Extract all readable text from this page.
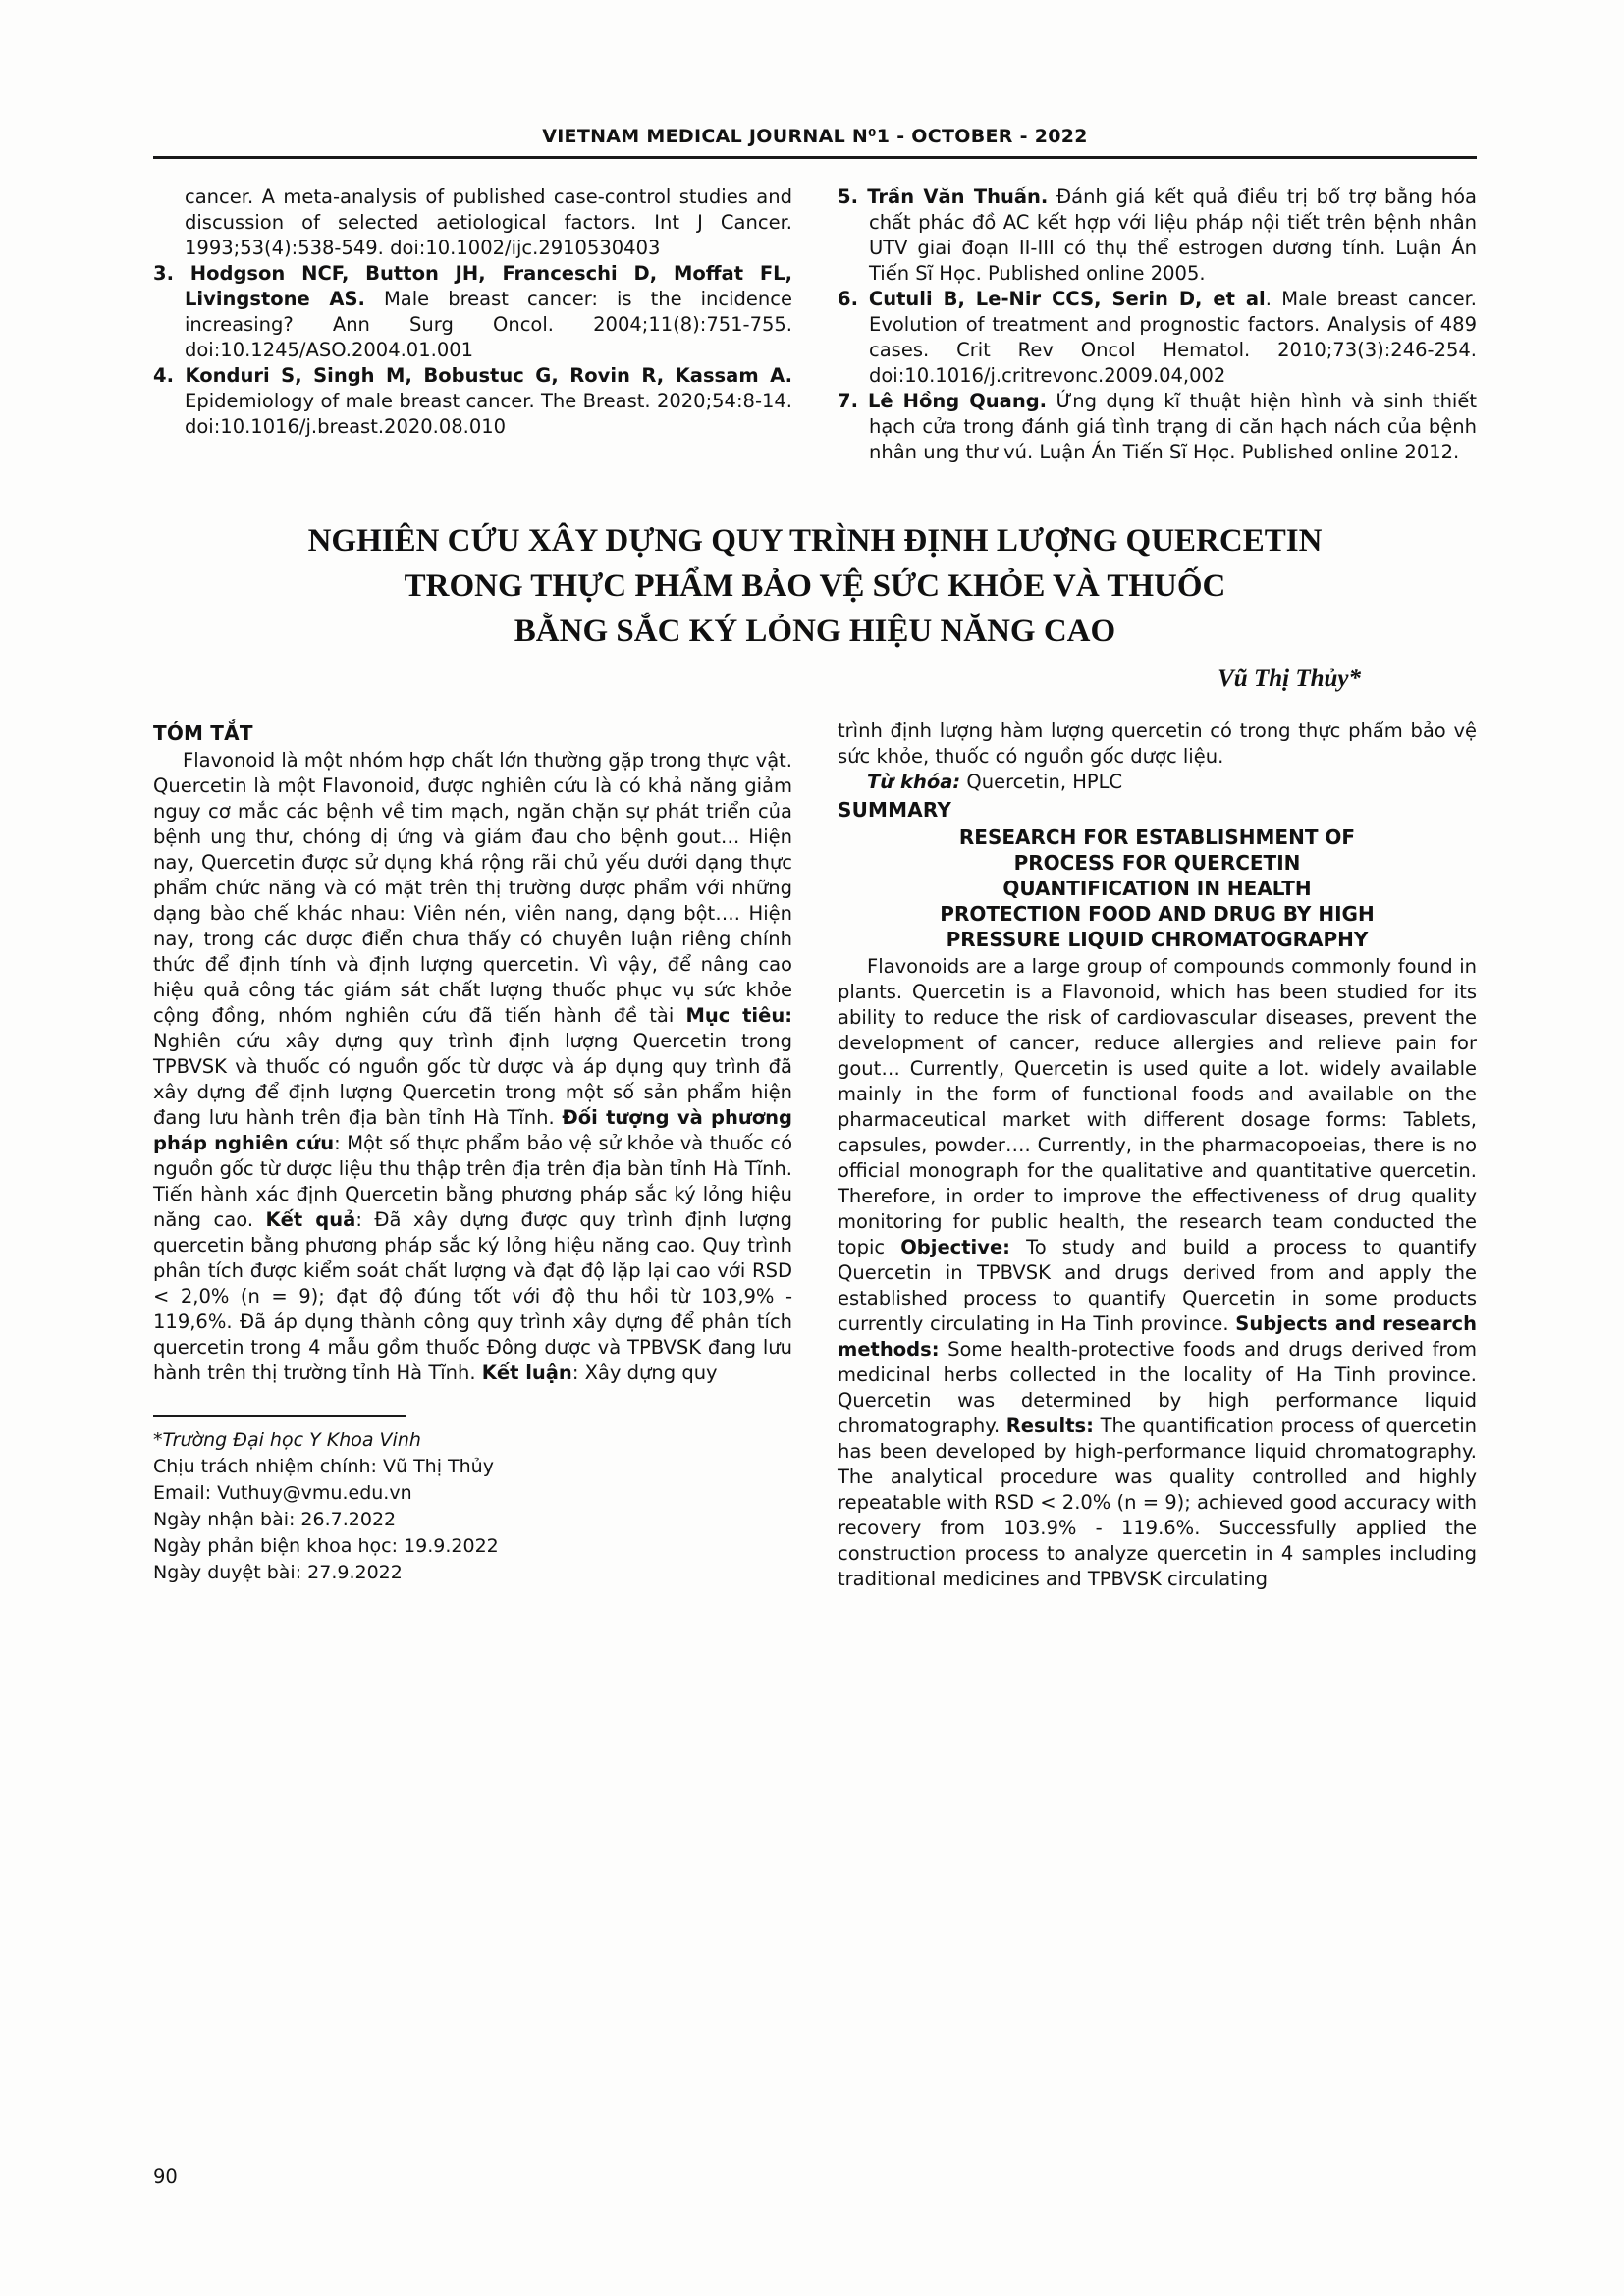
VIETNAM MEDICAL JOURNAL N⁰1 - OCTOBER - 2022

cancer. A meta-analysis of published case-control studies and discussion of selected aetiological factors. Int J Cancer. 1993;53(4):538-549. doi:10.1002/ijc.2910530403

3. Hodgson NCF, Button JH, Franceschi D, Moffat FL, Livingstone AS. Male breast cancer: is the incidence increasing? Ann Surg Oncol. 2004;11(8):751-755. doi:10.1245/ASO.2004.01.001

4. Konduri S, Singh M, Bobustuc G, Rovin R, Kassam A. Epidemiology of male breast cancer. The Breast. 2020;54:8-14. doi:10.1016/j.breast.2020.08.010

5. Trần Văn Thuấn. Đánh giá kết quả điều trị bổ trợ bằng hóa chất phác đồ AC kết hợp với liệu pháp nội tiết trên bệnh nhân UTV giai đoạn II-III có thụ thể estrogen dương tính. Luận Án Tiến Sĩ Học. Published online 2005.

6. Cutuli B, Le-Nir CCS, Serin D, et al. Male breast cancer. Evolution of treatment and prognostic factors. Analysis of 489 cases. Crit Rev Oncol Hematol. 2010;73(3):246-254. doi:10.1016/j.critrevonc.2009.04,002

7. Lê Hồng Quang. Ứng dụng kĩ thuật hiện hình và sinh thiết hạch cửa trong đánh giá tình trạng di căn hạch nách của bệnh nhân ung thư vú. Luận Án Tiến Sĩ Học. Published online 2012.

NGHIÊN CỨU XÂY DỰNG QUY TRÌNH ĐỊNH LƯỢNG QUERCETIN
TRONG THỰC PHẨM BẢO VỆ SỨC KHỎE VÀ THUỐC
BẰNG SẮC KÝ LỎNG HIỆU NĂNG CAO
Vũ Thị Thủy*
TÓM TẮT

Flavonoid là một nhóm hợp chất lớn thường gặp trong thực vật. Quercetin là một Flavonoid, được nghiên cứu là có khả năng giảm nguy cơ mắc các bệnh về tim mạch, ngăn chặn sự phát triển của bệnh ung thư, chóng dị ứng và giảm đau cho bệnh gout… Hiện nay, Quercetin được sử dụng khá rộng rãi chủ yếu dưới dạng thực phẩm chức năng và có mặt trên thị trường dược phẩm với những dạng bào chế khác nhau: Viên nén, viên nang, dạng bột…. Hiện nay, trong các dược điển chưa thấy có chuyên luận riêng chính thức để định tính và định lượng quercetin. Vì vậy, để nâng cao hiệu quả công tác giám sát chất lượng thuốc phục vụ sức khỏe cộng đồng, nhóm nghiên cứu đã tiến hành đề tài Mục tiêu: Nghiên cứu xây dựng quy trình định lượng Quercetin trong TPBVSK và thuốc có nguồn gốc từ dược và áp dụng quy trình đã xây dựng để định lượng Quercetin trong một số sản phẩm hiện đang lưu hành trên địa bàn tỉnh Hà Tĩnh. Đối tượng và phương pháp nghiên cứu: Một số thực phẩm bảo vệ sử khỏe và thuốc có nguồn gốc từ dược liệu thu thập trên địa trên địa bàn tỉnh Hà Tĩnh. Tiến hành xác định Quercetin bằng phương pháp sắc ký lỏng hiệu năng cao. Kết quả: Đã xây dựng được quy trình định lượng quercetin bằng phương pháp sắc ký lỏng hiệu năng cao. Quy trình phân tích được kiểm soát chất lượng và đạt độ lặp lại cao với RSD < 2,0% (n = 9); đạt độ đúng tốt với độ thu hồi từ 103,9% - 119,6%. Đã áp dụng thành công quy trình xây dựng để phân tích quercetin trong 4 mẫu gồm thuốc Đông dược và TPBVSK đang lưu hành trên thị trường tỉnh Hà Tĩnh. Kết luận: Xây dựng quy

*Trường Đại học Y Khoa Vinh
Chịu trách nhiệm chính: Vũ Thị Thủy
Email: Vuthuy@vmu.edu.vn
Ngày nhận bài: 26.7.2022
Ngày phản biện khoa học: 19.9.2022
Ngày duyệt bài: 27.9.2022

trình định lượng hàm lượng quercetin có trong thực phẩm bảo vệ sức khỏe, thuốc có nguồn gốc dược liệu.

Từ khóa: Quercetin, HPLC

SUMMARY
RESEARCH FOR ESTABLISHMENT OF
PROCESS FOR QUERCETIN
QUANTIFICATION IN HEALTH
PROTECTION FOOD AND DRUG BY HIGH
PRESSURE LIQUID CHROMATOGRAPHY

Flavonoids are a large group of compounds commonly found in plants. Quercetin is a Flavonoid, which has been studied for its ability to reduce the risk of cardiovascular diseases, prevent the development of cancer, reduce allergies and relieve pain for gout… Currently, Quercetin is used quite a lot. widely available mainly in the form of functional foods and available on the pharmaceutical market with different dosage forms: Tablets, capsules, powder…. Currently, in the pharmacopoeias, there is no official monograph for the qualitative and quantitative quercetin. Therefore, in order to improve the effectiveness of drug quality monitoring for public health, the research team conducted the topic Objective: To study and build a process to quantify Quercetin in TPBVSK and drugs derived from and apply the established process to quantify Quercetin in some products currently circulating in Ha Tinh province. Subjects and research methods: Some health-protective foods and drugs derived from medicinal herbs collected in the locality of Ha Tinh province. Quercetin was determined by high performance liquid chromatography. Results: The quantification process of quercetin has been developed by high-performance liquid chromatography. The analytical procedure was quality controlled and highly repeatable with RSD < 2.0% (n = 9); achieved good accuracy with recovery from 103.9% - 119.6%. Successfully applied the construction process to analyze quercetin in 4 samples including traditional medicines and TPBVSK circulating

90
